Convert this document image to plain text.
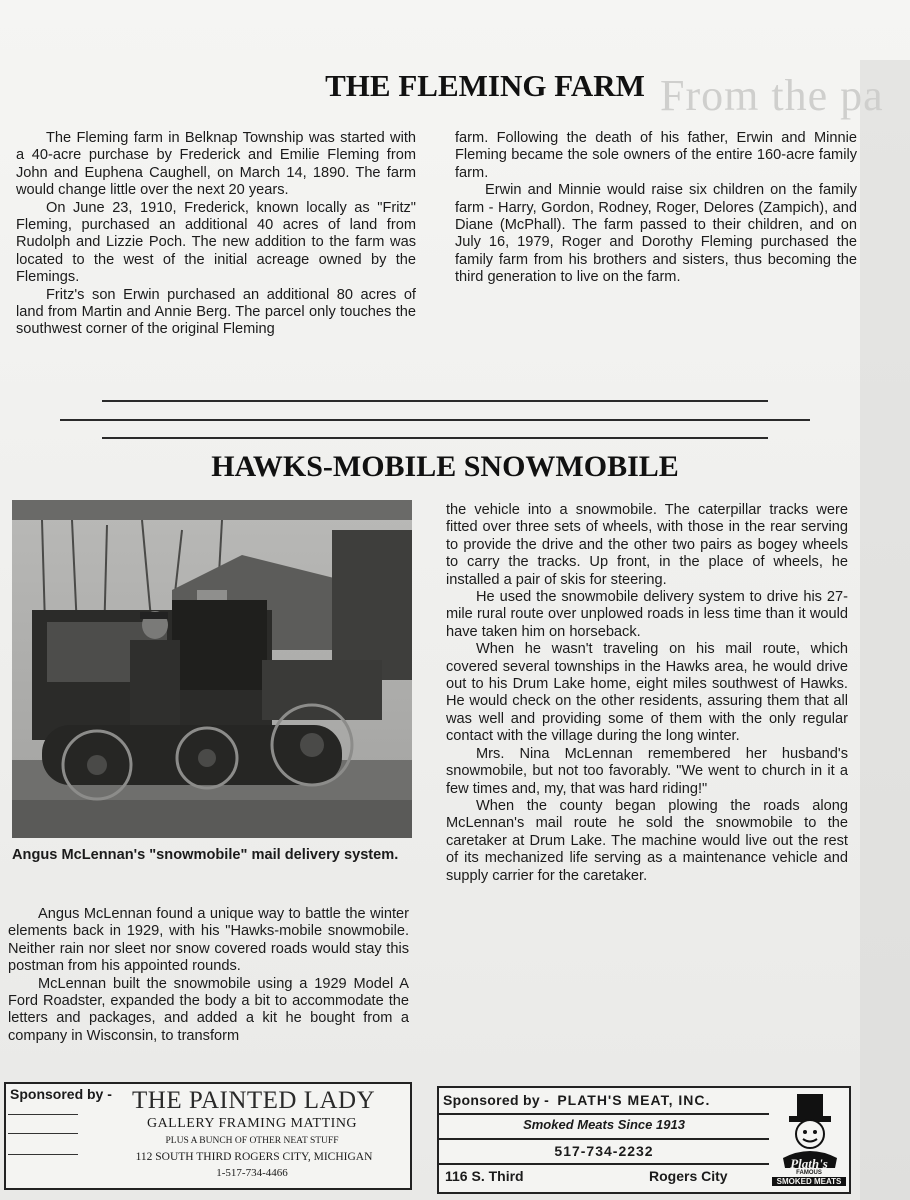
From the pa
THE FLEMING FARM

The Fleming farm in Belknap Township was started with a 40-acre purchase by Frederick and Emilie Fleming from John and Euphena Caughell, on March 14, 1890. The farm would change little over the next 20 years.

On June 23, 1910, Frederick, known locally as "Fritz" Fleming, purchased an additional 40 acres of land from Rudolph and Lizzie Poch. The new addition to the farm was located to the west of the initial acreage owned by the Flemings.

Fritz's son Erwin purchased an additional 80 acres of land from Martin and Annie Berg. The parcel only touches the southwest corner of the original Fleming

farm. Following the death of his father, Erwin and Minnie Fleming became the sole owners of the entire 160-acre family farm.

Erwin and Minnie would raise six children on the family farm - Harry, Gordon, Rodney, Roger, Delores (Zampich), and Diane (McPhall). The farm passed to their children, and on July 16, 1979, Roger and Dorothy Fleming purchased the family farm from his brothers and sisters, thus becoming the third generation to live on the farm.

HAWKS-MOBILE SNOWMOBILE
Angus McLennan's "snowmobile" mail delivery system.

Angus McLennan found a unique way to battle the winter elements back in 1929, with his "Hawks-mobile snowmobile. Neither rain nor sleet nor snow covered roads would stay this postman from his appointed rounds.

McLennan built the snowmobile using a 1929 Model A Ford Roadster, expanded the body a bit to accommodate the letters and packages, and added a kit he bought from a company in Wisconsin, to transform

the vehicle into a snowmobile. The caterpillar tracks were fitted over three sets of wheels, with those in the rear serving to provide the drive and the other two pairs as bogey wheels to carry the tracks. Up front, in the place of wheels, he installed a pair of skis for steering.

He used the snowmobile delivery system to drive his 27-mile rural route over unplowed roads in less time than it would have taken him on horseback.

When he wasn't traveling on his mail route, which covered several townships in the Hawks area, he would drive out to his Drum Lake home, eight miles southwest of Hawks. He would check on the other residents, assuring them that all was well and providing some of them with the only regular contact with the village during the long winter.

Mrs. Nina McLennan remembered her husband's snowmobile, but not too favorably. "We went to church in it a few times and, my, that was hard riding!"

When the county began plowing the roads along McLennan's mail route he sold the snowmobile to the caretaker at Drum Lake. The machine would live out the rest of its mechanized life serving as a maintenance vehicle and supply carrier for the caretaker.

Sponsored by - THE PAINTED LADY
GALLERY FRAMING MATTING
PLUS A BUNCH OF OTHER NEAT STUFF
112 SOUTH THIRD ROGERS CITY, MICHIGAN
1-517-734-4466
Sponsored by - PLATH'S MEAT, INC.
Smoked Meats Since 1913
517-734-2232
116 S. Third	Rogers City
Plath's
FAMOUS
SMOKED MEATS
